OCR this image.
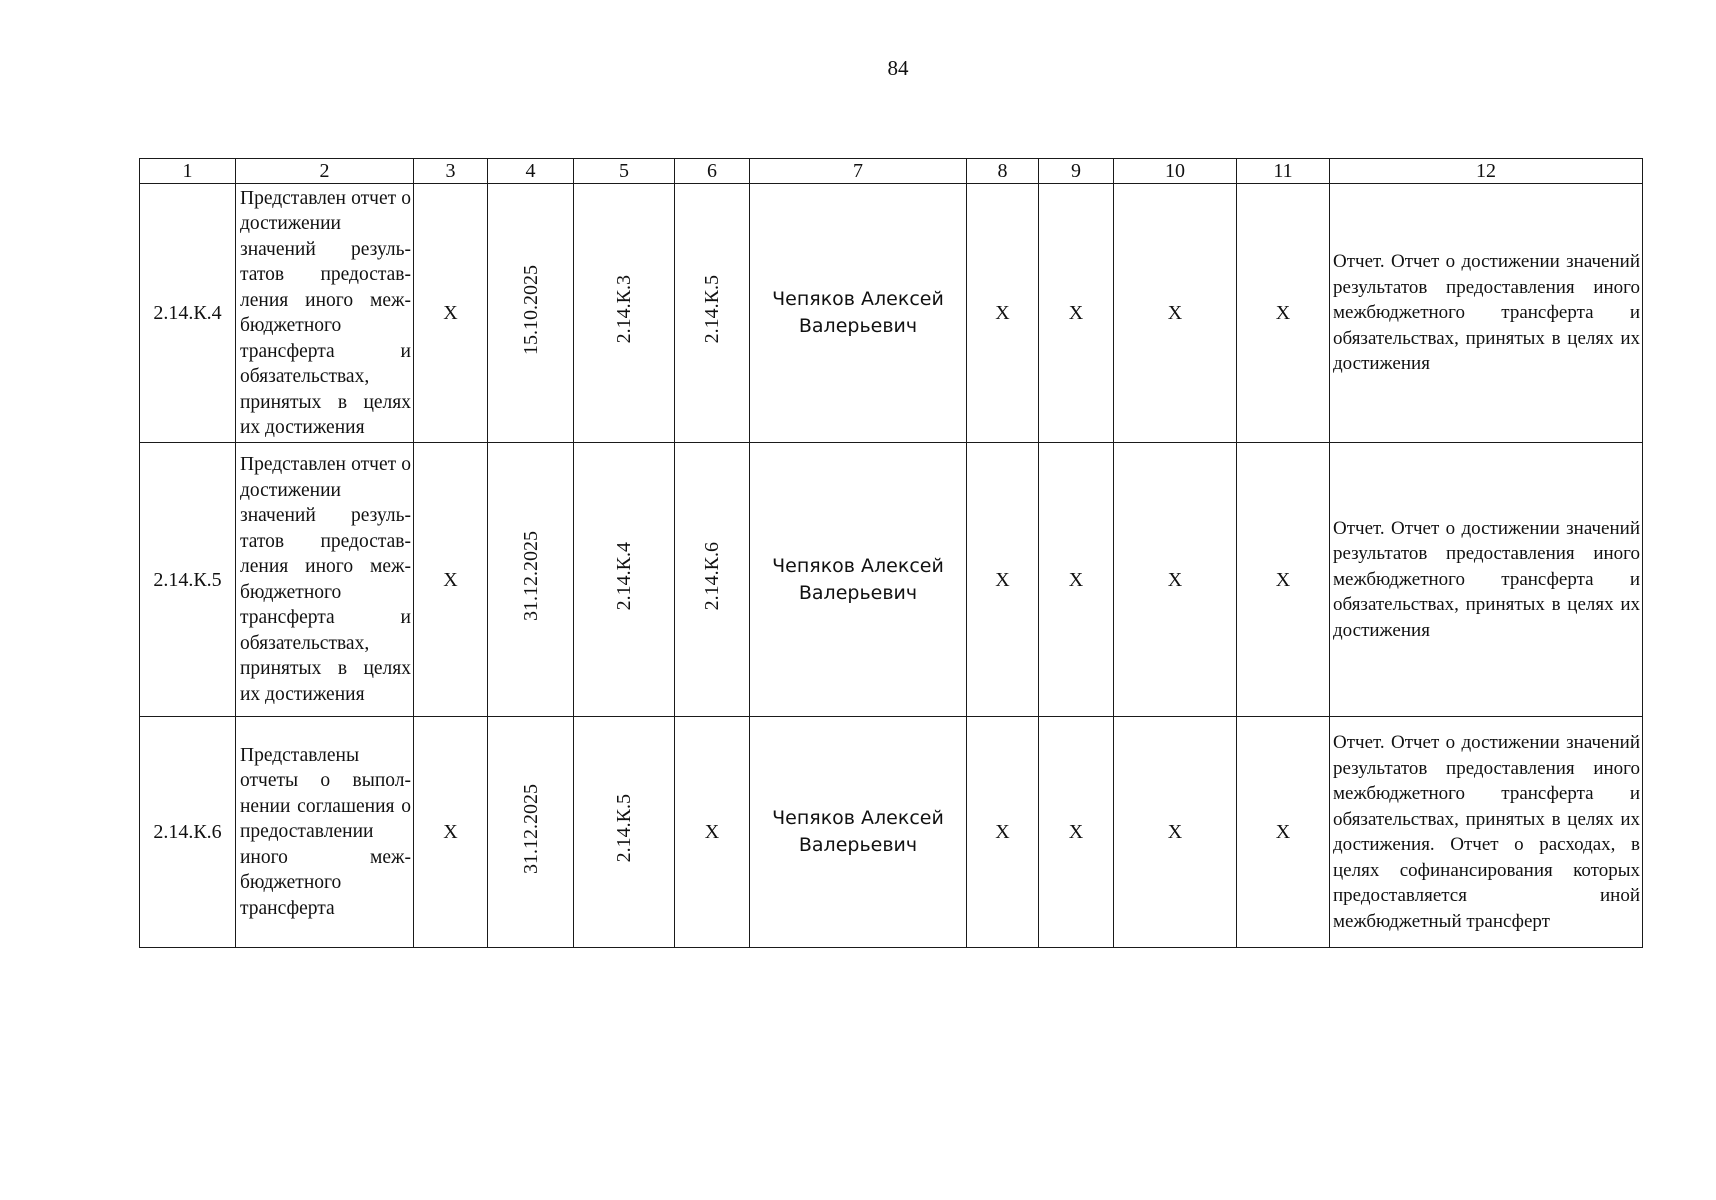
84
1	2	3	4	5	6	7	8	9	10	11	12
2.14.К.4	Представлен отчет о достижении значений результатов предоставления иного межбюджетного трансферта и обязательствах, принятых в целях их достижения	X	15.10.2025	2.14.К.3	2.14.К.5	Чепяков Алексей Валерьевич	X	X	X	X	Отчет. Отчет о достижении значений результатов предоставления иного межбюджетного трансферта и обязательствах, принятых в целях их достижения
2.14.К.5	Представлен отчет о достижении значений результатов предоставления иного межбюджетного трансферта и обязательствах, принятых в целях их достижения	X	31.12.2025	2.14.К.4	2.14.К.6	Чепяков Алексей Валерьевич	X	X	X	X	Отчет. Отчет о достижении значений результатов предоставления иного межбюджетного трансферта и обязательствах, принятых в целях их достижения
2.14.К.6	Представлены отчеты о выполнении соглашения о предоставлении иного межбюджетного трансферта	X	31.12.2025	2.14.К.5	X	Чепяков Алексей Валерьевич	X	X	X	X	Отчет. Отчет о достижении значений результатов предоставления иного межбюджетного трансферта и обязательствах, принятых в целях их достижения. Отчет о расходах, в целях софинансирования которых предоставляется иной межбюджетный трансферт
